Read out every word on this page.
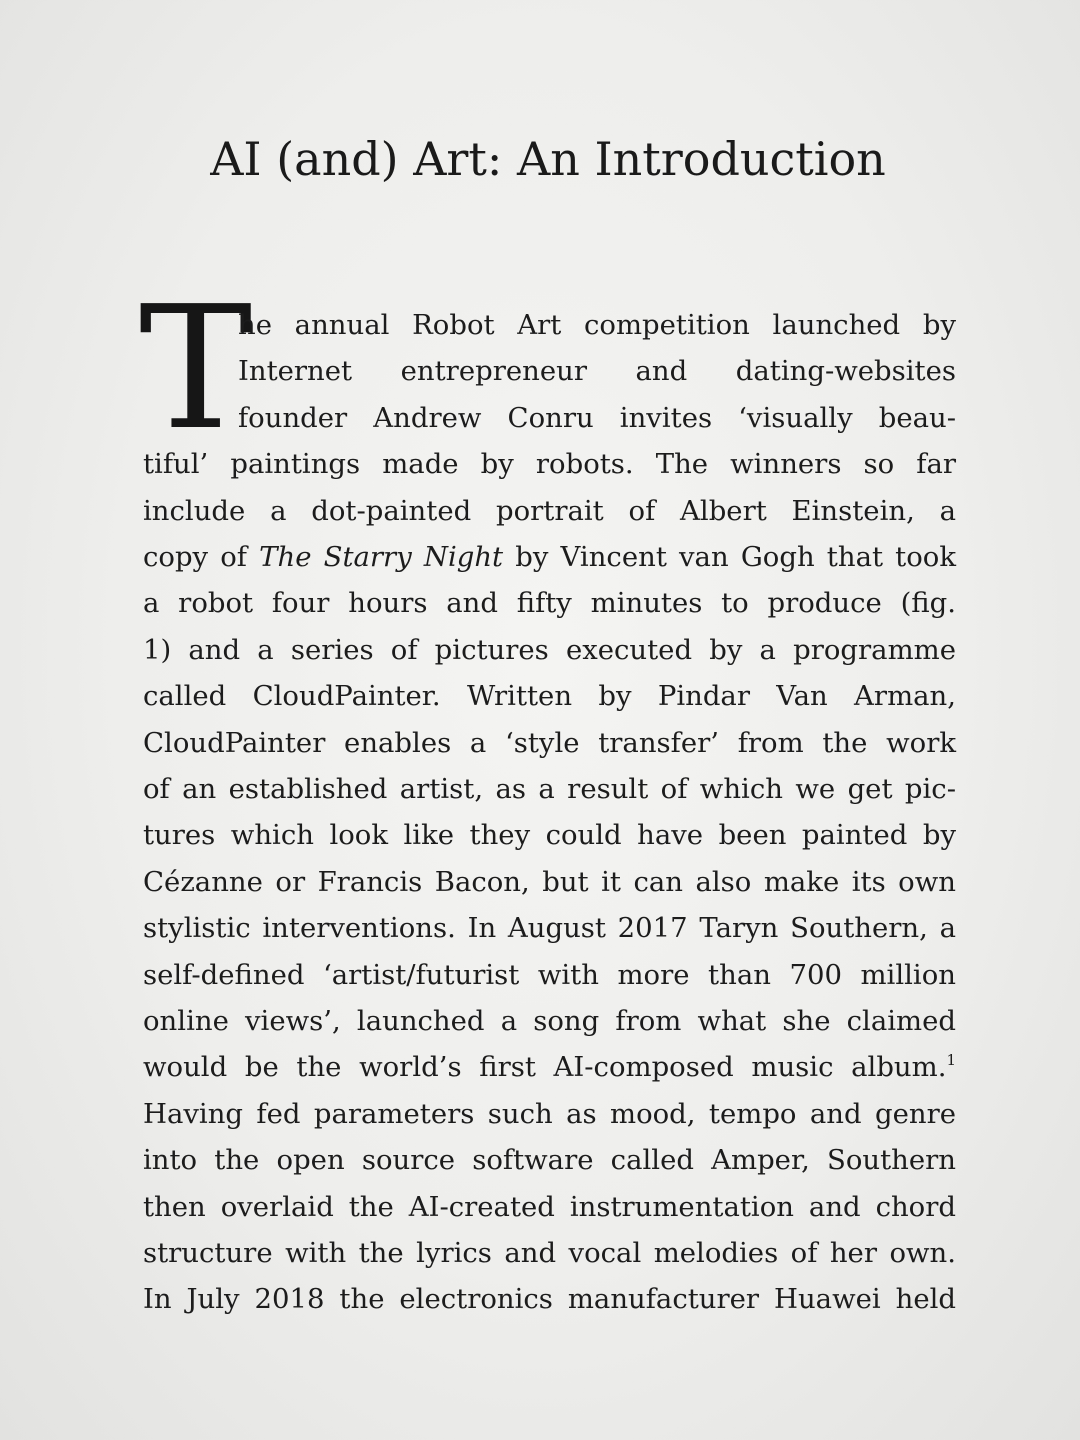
AI (and) Art: An Introduction
T
he annual Robot Art competition launched by
Internet entrepreneur and dating-websites
founder Andrew Conru invites ‘visually beau-
tiful’ paintings made by robots. The winners so far
include a dot-painted portrait of Albert Einstein, a
copy of The Starry Night by Vincent van Gogh that took
a robot four hours and fifty minutes to produce (fig.
1) and a series of pictures executed by a programme
called CloudPainter. Written by Pindar Van Arman,
CloudPainter enables a ‘style transfer’ from the work
of an established artist, as a result of which we get pic-
tures which look like they could have been painted by
Cézanne or Francis Bacon, but it can also make its own
stylistic interventions. In August 2017 Taryn Southern, a
self-defined ‘artist/futurist with more than 700 million
online views’, launched a song from what she claimed
would be the world’s first AI-composed music album.$^1$
Having fed parameters such as mood, tempo and genre
into the open source software called Amper, Southern
then overlaid the AI-created instrumentation and chord
structure with the lyrics and vocal melodies of her own.
In July 2018 the electronics manufacturer Huawei held
